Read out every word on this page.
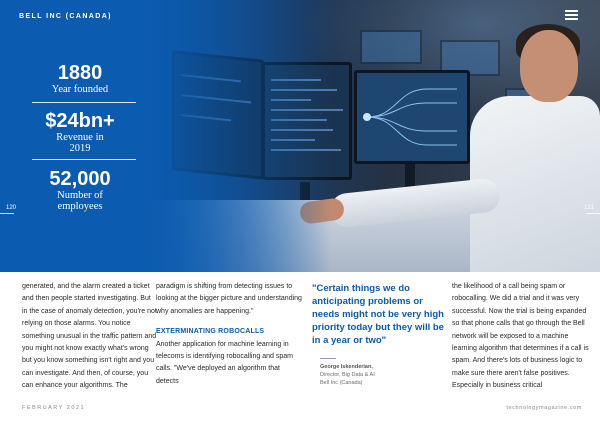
BELL INC (CANADA)
1880
Year founded
$24bn+
Revenue in 2019
52,000
Number of employees
120	121

generated, and the alarm created a ticket and then people started investigating. But in the case of anomaly detection, you're not relying on those alarms. You notice something unusual in the traffic pattern and you might not know exactly what's wrong but you know something isn't right and you can investigate. And then, of course, you can enhance your algorithms. The

paradigm is shifting from detecting issues to looking at the bigger picture and understanding why anomalies are happening."

EXTERMINATING ROBOCALLS

Another application for machine learning in telecoms is identifying robocalling and spam calls. "We've deployed an algorithm that detects

"Certain things we do anticipating problems or needs might not be very high priority today but they will be in a year or two"
George Iskenderian,
Director, Big Data & AI
Bell Inc (Canada)

the likelihood of a call being spam or robocalling. We did a trial and it was very successful. Now the trial is being expanded so that phone calls that go through the Bell network will be exposed to a machine learning algorithm that determines if a call is spam. And there's lots of business logic to make sure there aren't false positives. Especially in business critical

FEBRUARY 2021	technologymagazine.com
